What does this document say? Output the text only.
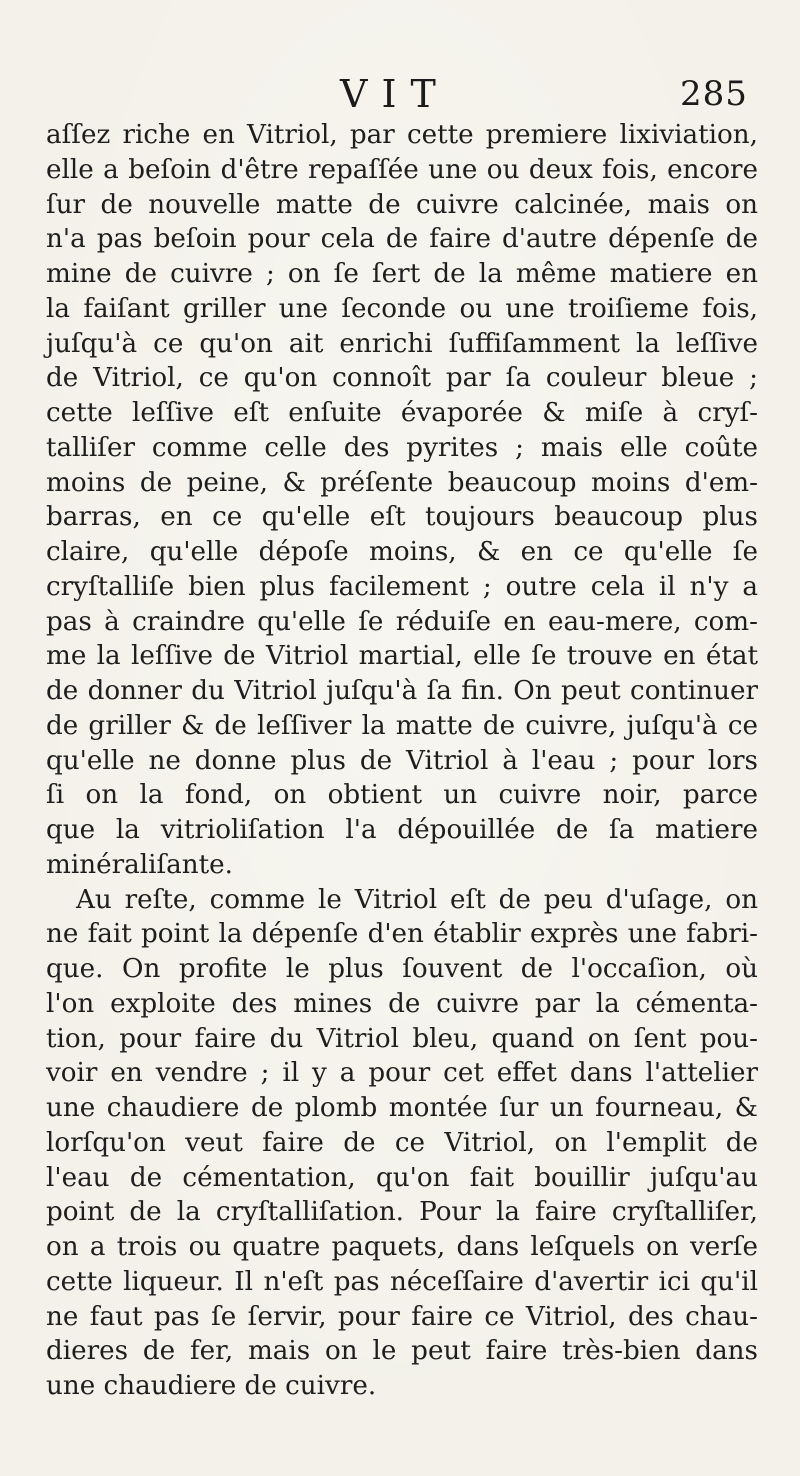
VIT	285
aſſez riche en Vitriol, par cette premiere lixiviation,
elle a beſoin d'être repaſſée une ou deux fois, encore
ſur de nouvelle matte de cuivre calcinée, mais on
n'a pas beſoin pour cela de faire d'autre dépenſe de
mine de cuivre ; on ſe ſert de la même matiere en
la faiſant griller une ſeconde ou une troiſieme fois,
juſqu'à ce qu'on ait enrichi ſuffiſamment la leſſive
de Vitriol, ce qu'on connoît par ſa couleur bleue ;
cette leſſive eſt enſuite évaporée & miſe à cryſ-
talliſer comme celle des pyrites ; mais elle coûte
moins de peine, & préſente beaucoup moins d'em-
barras, en ce qu'elle eſt toujours beaucoup plus
claire, qu'elle dépoſe moins, & en ce qu'elle ſe
cryſtalliſe bien plus facilement ; outre cela il n'y a
pas à craindre qu'elle ſe réduiſe en eau-mere, com-
me la leſſive de Vitriol martial, elle ſe trouve en état
de donner du Vitriol juſqu'à ſa fin. On peut continuer
de griller & de leſſiver la matte de cuivre, juſqu'à ce
qu'elle ne donne plus de Vitriol à l'eau ; pour lors
ſi on la fond, on obtient un cuivre noir, parce
que la vitrioliſation l'a dépouillée de ſa matiere
minéraliſante.
Au reſte, comme le Vitriol eſt de peu d'uſage, on
ne fait point la dépenſe d'en établir exprès une fabri-
que. On profite le plus ſouvent de l'occaſion, où
l'on exploite des mines de cuivre par la cémenta-
tion, pour faire du Vitriol bleu, quand on ſent pou-
voir en vendre ; il y a pour cet effet dans l'attelier
une chaudiere de plomb montée ſur un fourneau, &
lorſqu'on veut faire de ce Vitriol, on l'emplit de
l'eau de cémentation, qu'on fait bouillir juſqu'au
point de la cryſtalliſation. Pour la faire cryſtalliſer,
on a trois ou quatre paquets, dans leſquels on verſe
cette liqueur. Il n'eſt pas néceſſaire d'avertir ici qu'il
ne faut pas ſe ſervir, pour faire ce Vitriol, des chau-
dieres de fer, mais on le peut faire très-bien dans
une chaudiere de cuivre.
